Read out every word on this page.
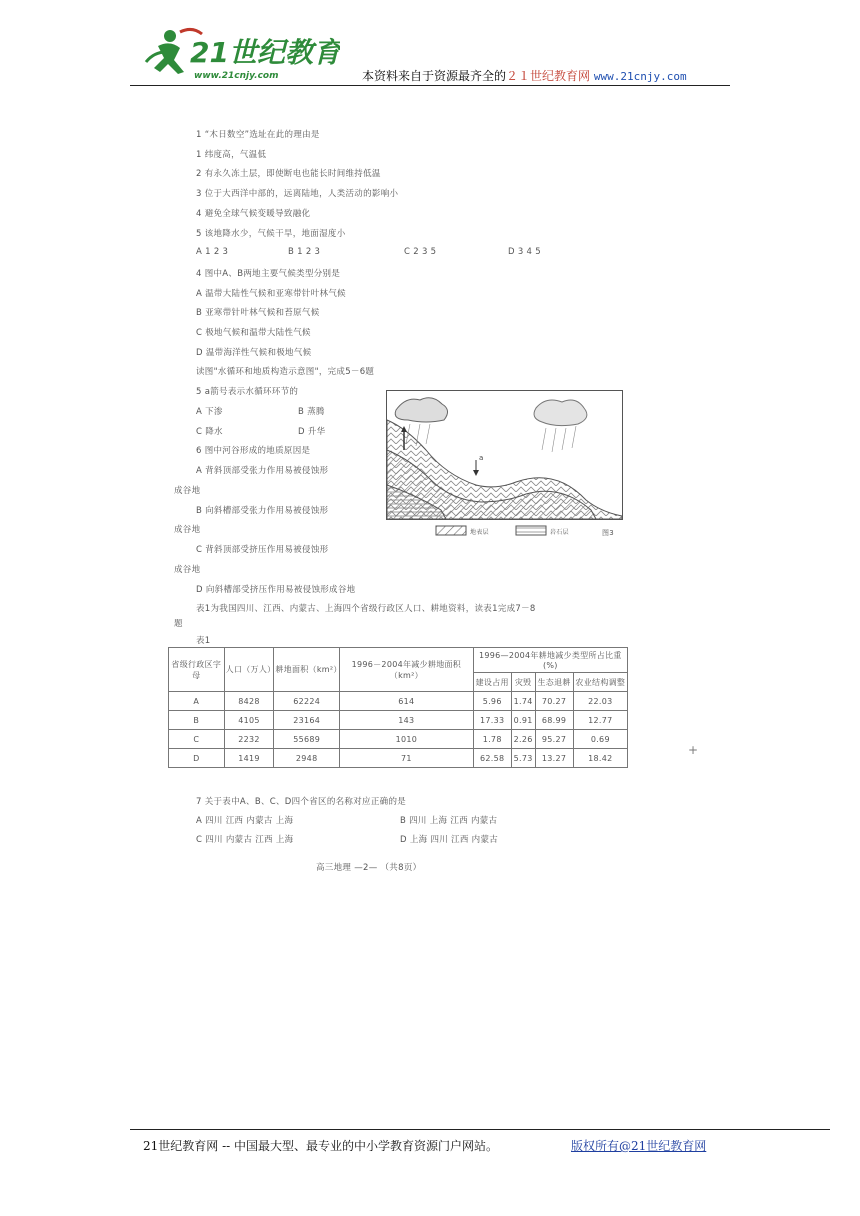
21世纪教育
www.21cnjy.com	本资料来自于资源最齐全的２１世纪教育网 www.21cnjy.com
1 “木日数空”选址在此的理由是
1 纬度高，气温低
2 有永久冻土层，即使断电也能长时间维持低温
3 位于大西洋中部的，远离陆地，人类活动的影响小
4 避免全球气候变暖导致融化
5 该地降水少，气候干旱，地面湿度小
A 1 2 3	B 1 2 3	C 2 3 5	D 3 4 5
4 图中A、B两地主要气候类型分别是
A 温带大陆性气候和亚寒带针叶林气候
B 亚寒带针叶林气候和苔原气候
C 极地气候和温带大陆性气候
D 温带海洋性气候和极地气候
读图"水循环和地质构造示意图"，完成5－6题
5 a箭号表示水循环环节的
A 下渗	B 蒸腾
C 降水	D 升华
6 图中河谷形成的地质原因是
A 背斜顶部受张力作用易被侵蚀形
成谷地
B 向斜槽部受张力作用易被侵蚀形
成谷地
C 背斜顶部受挤压作用易被侵蚀形
成谷地
D 向斜槽部受挤压作用易被侵蚀形成谷地
表1为我国四川、江西、内蒙古、上海四个省级行政区人口、耕地资料，读表1完成7－8
题
表1
a
地表层	岩石层	图3
省级行政区字母	人口（万人）	耕地面积（km²）	1996－2004年减少耕地面积（km²）	1996—2004年耕地减少类型所占比重(%)			
				建设占用	灾毁	生态退耕	农业结构调整
A	8428	62224	614	5.96	1.74	70.27	22.03
B	4105	23164	143	17.33	0.91	68.99	12.77
C	2232	55689	1010	1.78	2.26	95.27	0.69
D	1419	2948	71	62.58	5.73	13.27	18.42
7 关于表中A、B、C、D四个省区的名称对应正确的是
A 四川 江西 内蒙古 上海	B 四川 上海 江西 内蒙古
C 四川 内蒙古 江西 上海	D 上海 四川 江西 内蒙古
高三地理 —2— （共8页）
+
21世纪教育网 -- 中国最大型、最专业的中小学教育资源门户网站。	版权所有@21世纪教育网
